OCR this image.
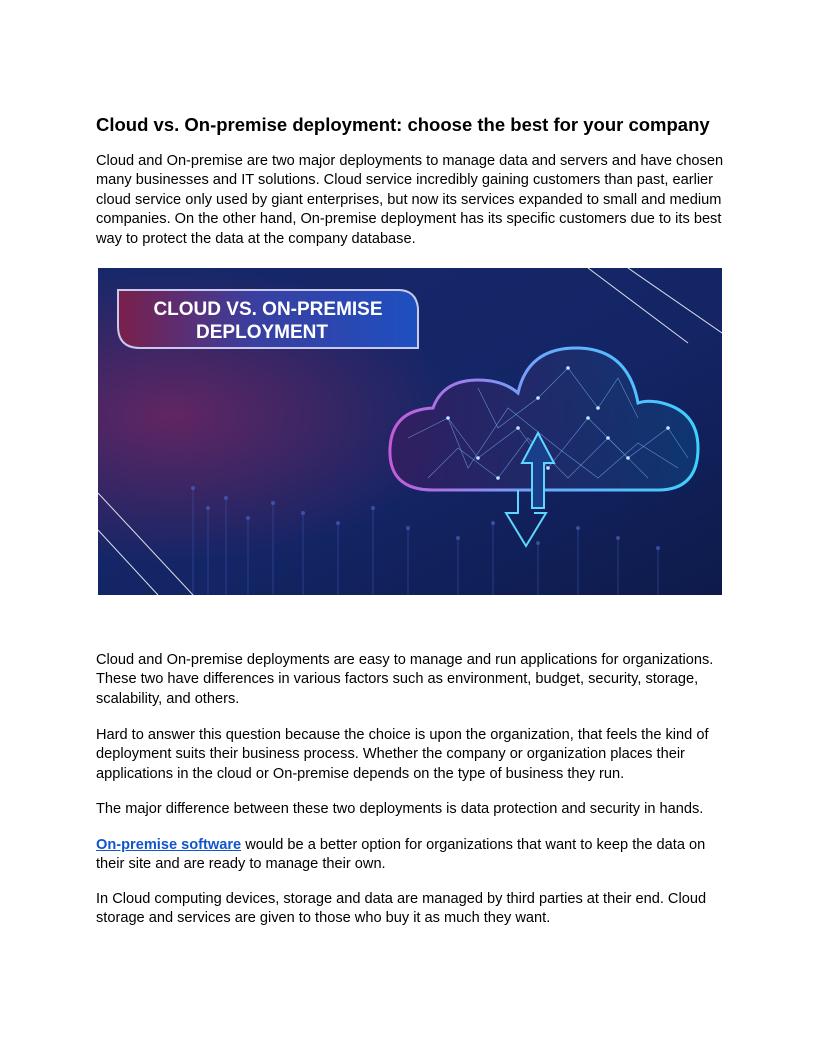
Cloud vs. On-premise deployment: choose the best for your company

Cloud and On-premise are two major deployments to manage data and servers and have chosen many businesses and IT solutions. Cloud service incredibly gaining customers than past, earlier cloud service only used by giant enterprises, but now its services expanded to small and medium companies. On the other hand, On-premise deployment has its specific customers due to its best way to protect the data at the company database.

CLOUD VS. ON-PREMISE
DEPLOYMENT

Cloud and On-premise deployments are easy to manage and run applications for organizations. These two have differences in various factors such as environment, budget, security, storage, scalability, and others.

Hard to answer this question because the choice is upon the organization, that feels the kind of deployment suits their business process. Whether the company or organization places their applications in the cloud or On-premise depends on the type of business they run.

The major difference between these two deployments is data protection and security in hands.

On-premise software would be a better option for organizations that want to keep the data on their site and are ready to manage their own.

In Cloud computing devices, storage and data are managed by third parties at their end. Cloud storage and services are given to those who buy it as much they want.
